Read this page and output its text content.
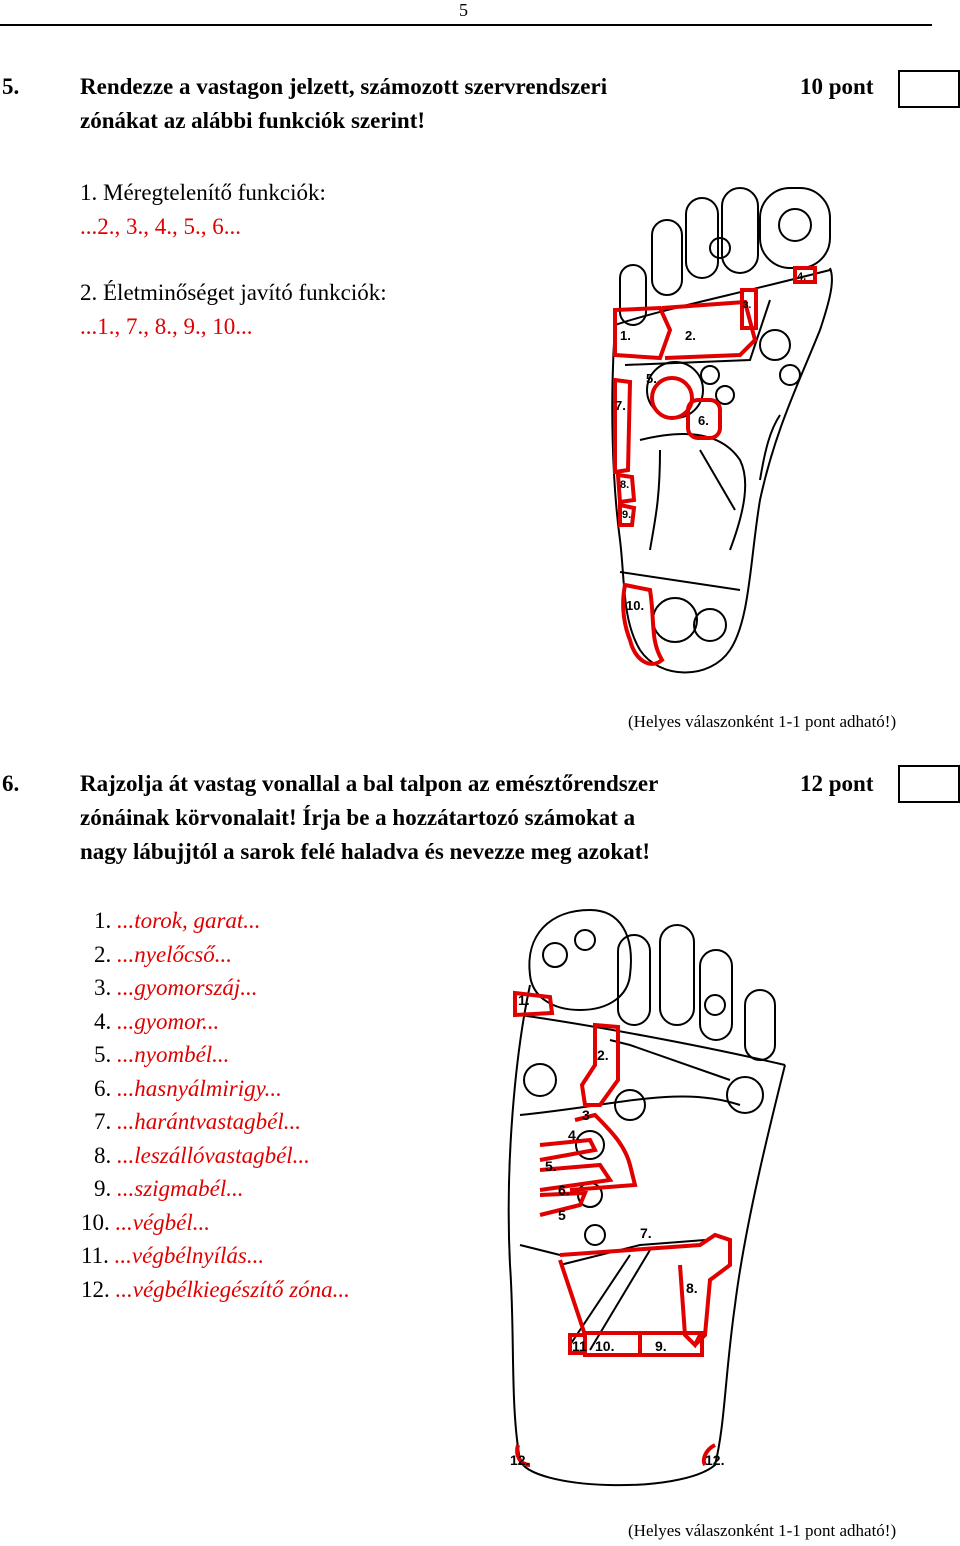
5
5.	Rendezze a vastagon jelzett, számozott szervrendszeri
zónákat az alábbi funkciók szerint!
10 pont
1. Méregtelenítő funkciók:
...2., 3., 4., 5., 6...
2. Életminőséget javító funkciók:
...1., 7., 8., 9., 10...	1.	2.
3.
4.
5.
6.
7.
8.
9.
10.
(Helyes válaszonként 1-1 pont adható!)
6.	Rajzolja át vastag vonallal a bal talpon az emésztőrendszer
zónáinak körvonalait! Írja be a hozzátartozó számokat a
nagy lábujjtól a sarok felé haladva és nevezze meg azokat!
12 pont
1. ...torok, garat...
2. ...nyelőcső...
3. ...gyomorszáj...
4. ...gyomor...
5. ...nyombél...
6. ...hasnyálmirigy...
7. ...harántvastagbél...
8. ...leszállóvastagbél...
9. ...szigmabél...
10. ...végbél...
11. ...végbélnyílás...
12. ...végbélkiegészítő zóna...
1.
2.
3
4.
5.
6.
5
7.
8.
9.
10.
11
12.	12.
(Helyes válaszonként 1-1 pont adható!)
